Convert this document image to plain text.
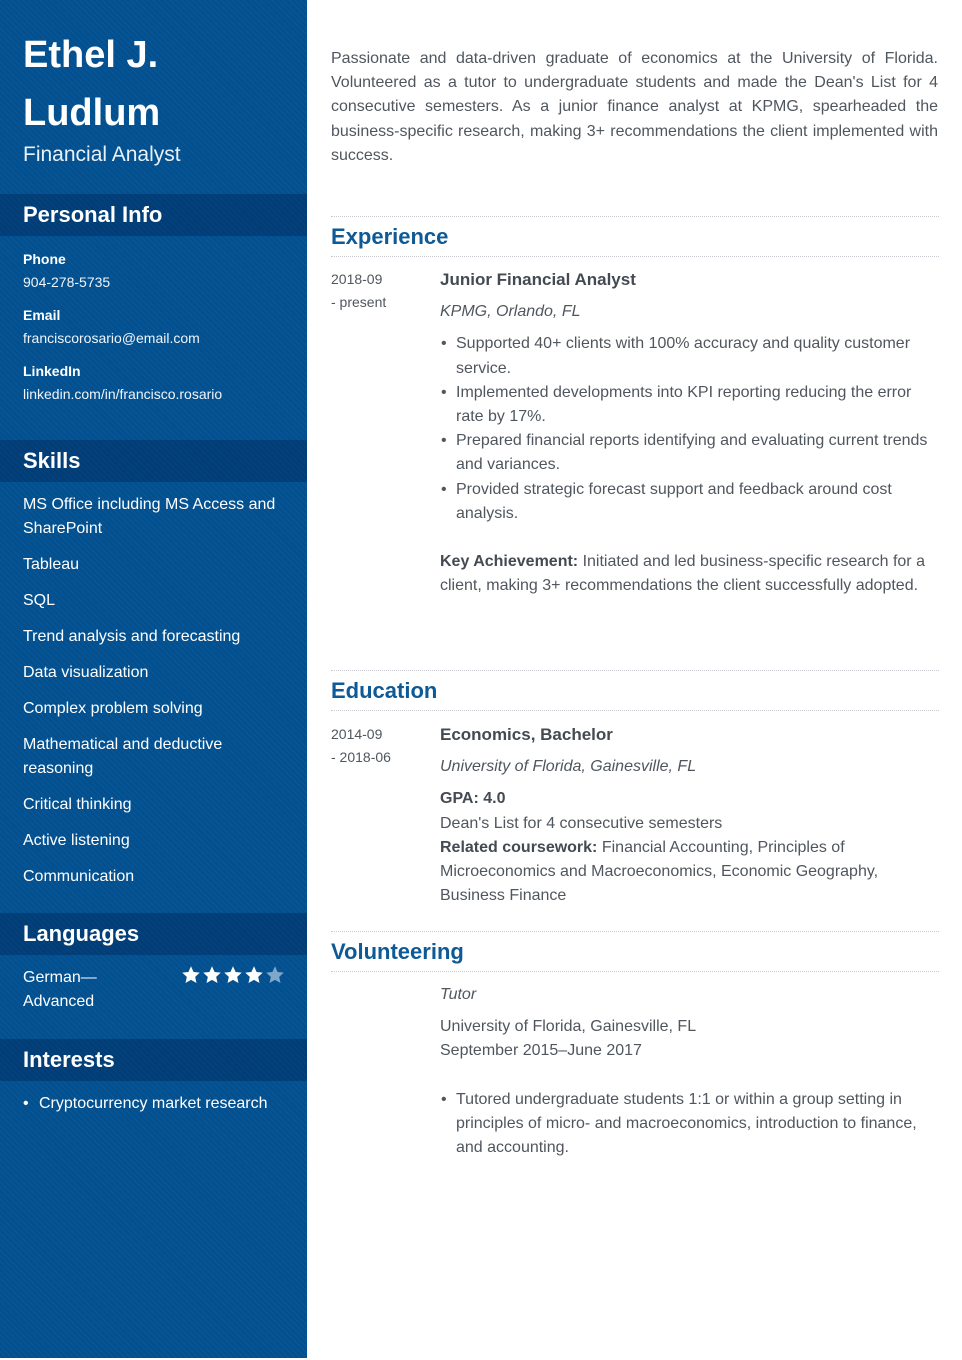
Ethel J.
Ludlum
Financial Analyst
Personal Info
Phone
904-278-5735
Email
franciscorosario@email.com
LinkedIn
linkedin.com/in/francisco.rosario
Skills
MS Office including MS Access and SharePoint
Tableau
SQL
Trend analysis and forecasting
Data visualization
Complex problem solving
Mathematical and deductive reasoning
Critical thinking
Active listening
Communication
Languages
German—Advanced
Interests
• Cryptocurrency market research

Passionate and data-driven graduate of economics at the University of Florida. Volunteered as a tutor to undergraduate students and made the Dean's List for 4 consecutive semesters. As a junior finance analyst at KPMG, spearheaded the business-specific research, making 3+ recommendations the client implemented with success.

Experience
2018-09
- present
Junior Financial Analyst
KPMG, Orlando, FL
• Supported 40+ clients with 100% accuracy and quality customer service.
• Implemented developments into KPI reporting reducing the error rate by 17%.
• Prepared financial reports identifying and evaluating current trends and variances.
• Provided strategic forecast support and feedback around cost analysis.
Key Achievement: Initiated and led business-specific research for a client, making 3+ recommendations the client successfully adopted.
Education
2014-09
- 2018-06
Economics, Bachelor
University of Florida, Gainesville, FL
GPA: 4.0
Dean's List for 4 consecutive semesters
Related coursework: Financial Accounting, Principles of Microeconomics and Macroeconomics, Economic Geography, Business Finance
Volunteering
Tutor
University of Florida, Gainesville, FL
September 2015–June 2017
• Tutored undergraduate students 1:1 or within a group setting in principles of micro- and macroeconomics, introduction to finance, and accounting.
